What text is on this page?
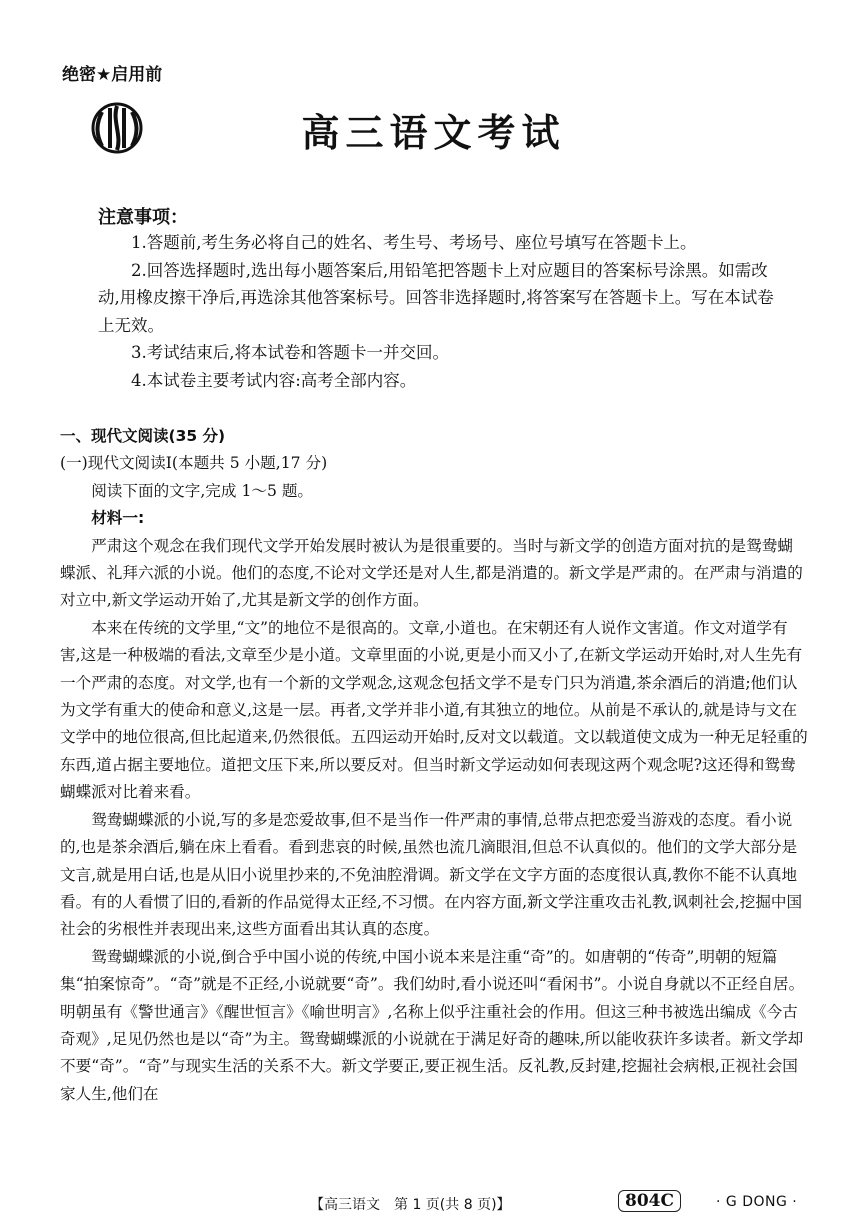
绝密★启用前
高三语文考试
注意事项：

1.答题前,考生务必将自己的姓名、考生号、考场号、座位号填写在答题卡上。

2.回答选择题时,选出每小题答案后,用铅笔把答题卡上对应题目的答案标号涂黑。如需改动,用橡皮擦干净后,再选涂其他答案标号。回答非选择题时,将答案写在答题卡上。写在本试卷上无效。

3.考试结束后,将本试卷和答题卡一并交回。

4.本试卷主要考试内容:高考全部内容。

一、现代文阅读(35 分)

(一)现代文阅读Ⅰ(本题共 5 小题,17 分)

阅读下面的文字,完成 1～5 题。

材料一:

严肃这个观念在我们现代文学开始发展时被认为是很重要的。当时与新文学的创造方面对抗的是鸳鸯蝴蝶派、礼拜六派的小说。他们的态度,不论对文学还是对人生,都是消遣的。新文学是严肃的。在严肃与消遣的对立中,新文学运动开始了,尤其是新文学的创作方面。

本来在传统的文学里,“文”的地位不是很高的。文章,小道也。在宋朝还有人说作文害道。作文对道学有害,这是一种极端的看法,文章至少是小道。文章里面的小说,更是小而又小了,在新文学运动开始时,对人生先有一个严肃的态度。对文学,也有一个新的文学观念,这观念包括文学不是专门只为消遣,茶余酒后的消遣;他们认为文学有重大的使命和意义,这是一层。再者,文学并非小道,有其独立的地位。从前是不承认的,就是诗与文在文学中的地位很高,但比起道来,仍然很低。五四运动开始时,反对文以载道。文以载道使文成为一种无足轻重的东西,道占据主要地位。道把文压下来,所以要反对。但当时新文学运动如何表现这两个观念呢?这还得和鸳鸯蝴蝶派对比着来看。

鸳鸯蝴蝶派的小说,写的多是恋爱故事,但不是当作一件严肃的事情,总带点把恋爱当游戏的态度。看小说的,也是茶余酒后,躺在床上看看。看到悲哀的时候,虽然也流几滴眼泪,但总不认真似的。他们的文学大部分是文言,就是用白话,也是从旧小说里抄来的,不免油腔滑调。新文学在文字方面的态度很认真,教你不能不认真地看。有的人看惯了旧的,看新的作品觉得太正经,不习惯。在内容方面,新文学注重攻击礼教,讽刺社会,挖掘中国社会的劣根性并表现出来,这些方面看出其认真的态度。

鸳鸯蝴蝶派的小说,倒合乎中国小说的传统,中国小说本来是注重“奇”的。如唐朝的“传奇”,明朝的短篇集“拍案惊奇”。“奇”就是不正经,小说就要“奇”。我们幼时,看小说还叫“看闲书”。小说自身就以不正经自居。明朝虽有《警世通言》《醒世恒言》《喻世明言》,名称上似乎注重社会的作用。但这三种书被选出编成《今古奇观》,足见仍然也是以“奇”为主。鸳鸯蝴蝶派的小说就在于满足好奇的趣味,所以能收获许多读者。新文学却不要“奇”。“奇”与现实生活的关系不大。新文学要正,要正视生活。反礼教,反封建,挖掘社会病根,正视社会国家人生,他们在

【高三语文　第 1 页(共 8 页)】	804C	· G DONG ·
